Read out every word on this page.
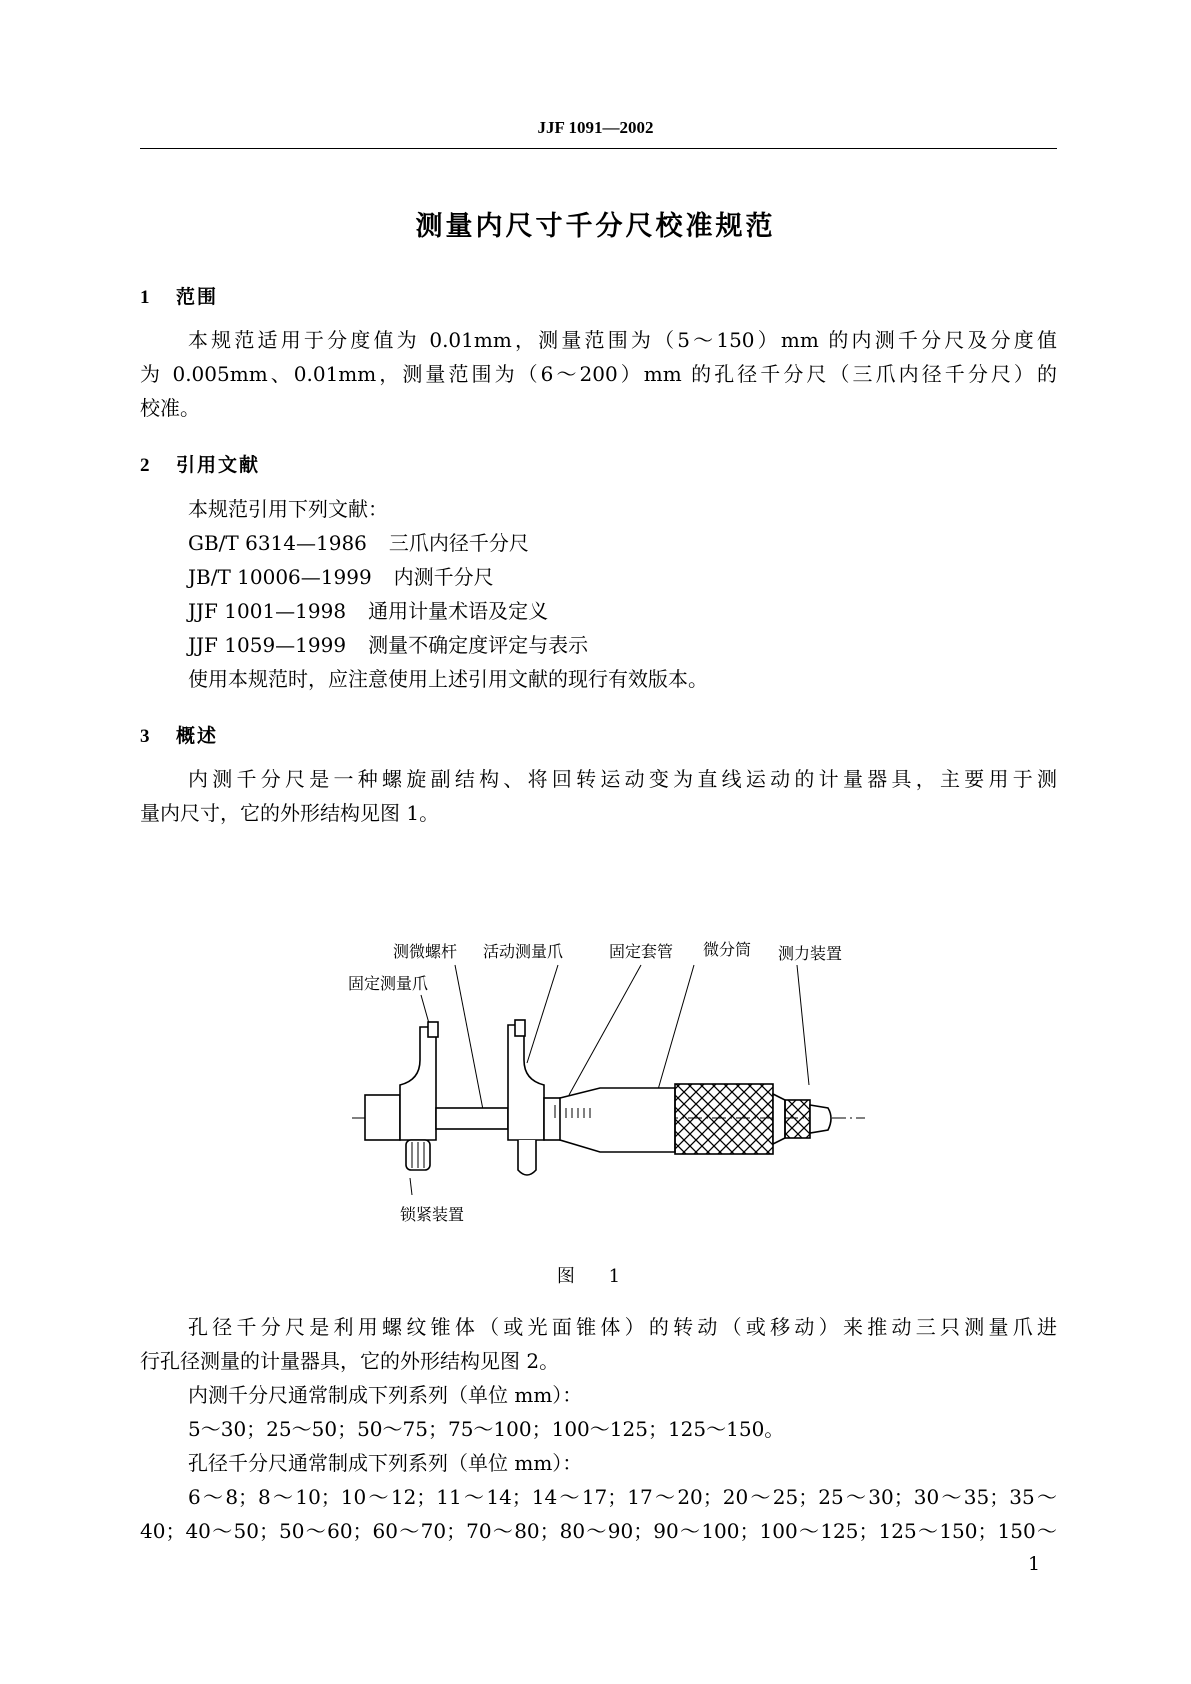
JJF 1091—2002
测量内尺寸千分尺校准规范
1 范围
本规范适用于分度值为 0.01mm，测量范围为（5～150）mm 的内测千分尺及分度值
为 0.005mm、0.01mm，测量范围为（6～200）mm 的孔径千分尺（三爪内径千分尺）的
校准。
2 引用文献
本规范引用下列文献：
GB/T 6314—1986 三爪内径千分尺
JB/T 10006—1999 内测千分尺
JJF 1001—1998 通用计量术语及定义
JJF 1059—1999 测量不确定度评定与表示
使用本规范时，应注意使用上述引用文献的现行有效版本。
3 概述
内测千分尺是一种螺旋副结构、将回转运动变为直线运动的计量器具，主要用于测
量内尺寸，它的外形结构见图 1。
测微螺杆 活动测量爪	固定套管 微分筒 测力装置
固定测量爪
锁紧装置
图 1
孔径千分尺是利用螺纹锥体（或光面锥体）的转动（或移动）来推动三只测量爪进
行孔径测量的计量器具，它的外形结构见图 2。
内测千分尺通常制成下列系列（单位 mm）：
5～30；25～50；50～75；75～100；100～125；125～150。
孔径千分尺通常制成下列系列（单位 mm）：
6～8；8～10；10～12；11～14；14～17；17～20；20～25；25～30；30～35；35～
40；40～50；50～60；60～70；70～80；80～90；90～100；100～125；125～150；150～
1
